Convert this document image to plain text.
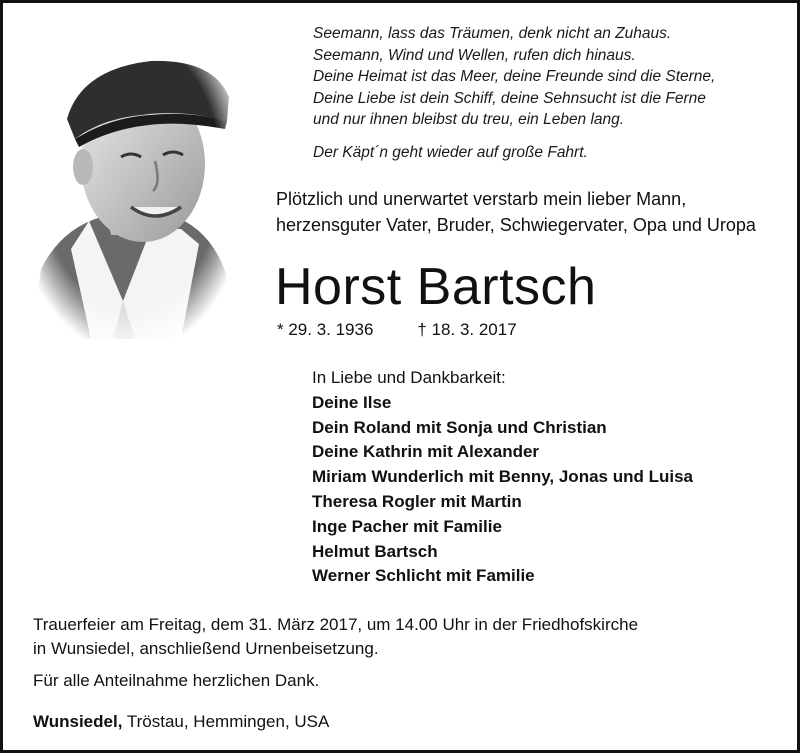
Seemann, lass das Träumen, denk nicht an Zuhaus.
Seemann, Wind und Wellen, rufen dich hinaus.
Deine Heimat ist das Meer, deine Freunde sind die Sterne,
Deine Liebe ist dein Schiff, deine Sehnsucht ist die Ferne
und nur ihnen bleibst du treu, ein Leben lang.
Der Käpt´n geht wieder auf große Fahrt.
Plötzlich und unerwartet verstarb mein lieber Mann,
herzensguter Vater, Bruder, Schwiegervater, Opa und Uropa
Horst Bartsch
* 29. 3. 1936	† 18. 3. 2017
In Liebe und Dankbarkeit:
Deine Ilse
Dein Roland mit Sonja und Christian
Deine Kathrin mit Alexander
Miriam Wunderlich mit Benny, Jonas und Luisa
Theresa Rogler mit Martin
Inge Pacher mit Familie
Helmut Bartsch
Werner Schlicht mit Familie
Trauerfeier am Freitag, dem 31. März 2017, um 14.00 Uhr in der Friedhofskirche
in Wunsiedel, anschließend Urnenbeisetzung.
Für alle Anteilnahme herzlichen Dank.
Wunsiedel, Tröstau, Hemmingen, USA
